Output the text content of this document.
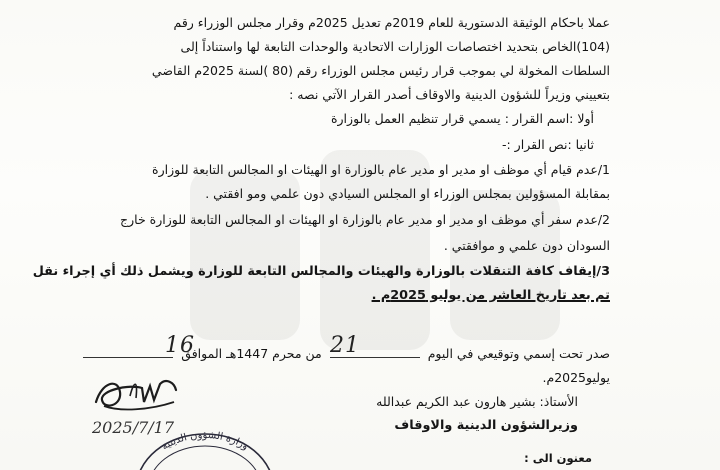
عملا باحكام الوثيقة الدستورية للعام 2019م تعديل 2025م وقرار مجلس الوزراء رقم
(104)الخاص بتحديد اختصاصات الوزارات الاتحادية والوحدات التابعة لها واستناداً إلى
السلطات المخولة لي بموجب قرار رئيس مجلس الوزراء رقم (80 )لسنة 2025م القاضي
بتعييني وزيراً للشؤون الدينية والاوقاف أصدر القرار الآتي نصه :
أولا :اسم القرار : يسمي قرار تنظيم العمل بالوزارة
ثانيا :نص القرار :-
1/عدم قيام أي موظف او مدير او مدير عام بالوزارة او الهيئات او المجالس التابعة للوزارة
بمقابلة المسؤولين بمجلس الوزراء او المجلس السيادي دون علمي ومو افقتي .
2/عدم سفر أي موظف او مدير او مدير عام بالوزارة او الهيئات او المجالس التابعة للوزارة خارج
السودان دون علمي و موافقتي .
3/إيقاف كافة التنقلات بالوزارة والهيئات والمجالس التابعة للوزارة ويشمل ذلك أي إجراء نقل
تم بعد تاريخ العاشر من يوليو 2025م .
صدر تحت إسمي وتوقيعي في اليوم  من محرم 1447هـ الموافق 21
16
يوليو2025م.
الأستاذ: بشير هارون عبد الكريم عبدالله
وزيرالشؤون الدينية والاوقاف
2025/7/17
وزارة الشؤون الدينية
معنون الى :
